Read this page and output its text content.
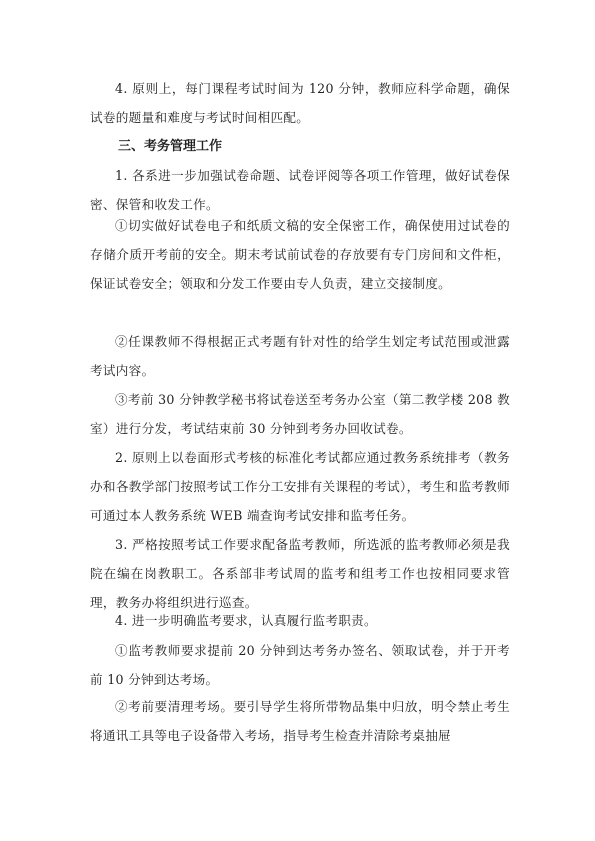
4. 原则上，每门课程考试时间为 120 分钟，教师应科学命题，确保试卷的题量和难度与考试时间相匹配。
三、考务管理工作
1. 各系进一步加强试卷命题、试卷评阅等各项工作管理，做好试卷保密、保管和收发工作。
①切实做好试卷电子和纸质文稿的安全保密工作，确保使用过试卷的存储介质开考前的安全。期末考试前试卷的存放要有专门房间和文件柜，保证试卷安全；领取和分发工作要由专人负责，建立交接制度。
②任课教师不得根据正式考题有针对性的给学生划定考试范围或泄露考试内容。
③考前 30 分钟教学秘书将试卷送至考务办公室（第二教学楼 208 教室）进行分发，考试结束前 30 分钟到考务办回收试卷。
2. 原则上以卷面形式考核的标准化考试都应通过教务系统排考（教务办和各教学部门按照考试工作分工安排有关课程的考试），考生和监考教师可通过本人教务系统 WEB 端查询考试安排和监考任务。
3. 严格按照考试工作要求配备监考教师，所选派的监考教师必须是我院在编在岗教职工。各系部非考试周的监考和组考工作也按相同要求管理，教务办将组织进行巡查。
4. 进一步明确监考要求，认真履行监考职责。
①监考教师要求提前 20 分钟到达考务办签名、领取试卷，并于开考前 10 分钟到达考场。
②考前要清理考场。要引导学生将所带物品集中归放，明令禁止考生将通讯工具等电子设备带入考场，指导考生检查并清除考桌抽屉
